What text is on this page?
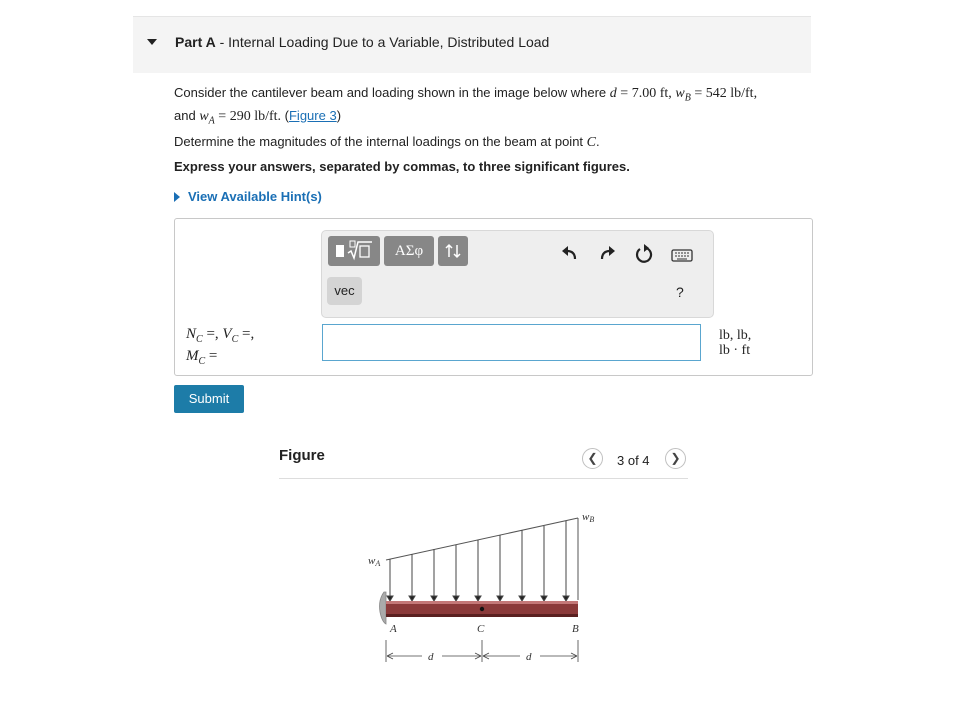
Part A - Internal Loading Due to a Variable, Distributed Load
Consider the cantilever beam and loading shown in the image below where d = 7.00 ft, $w_B = 542$ lb/ft,
and $w_A = 290$ lb/ft. (Figure 3)
Determine the magnitudes of the internal loadings on the beam at point C.
Express your answers, separated by commas, to three significant figures.
View Available Hint(s)
ΑΣφ
vec	?
$N_C$ =, $V_C$ =,
$M_C$ =
lb, lb,
lb · ft
Submit
Figure	❮	3 of 4	❯
wA
wB
A	C	B
d	d
